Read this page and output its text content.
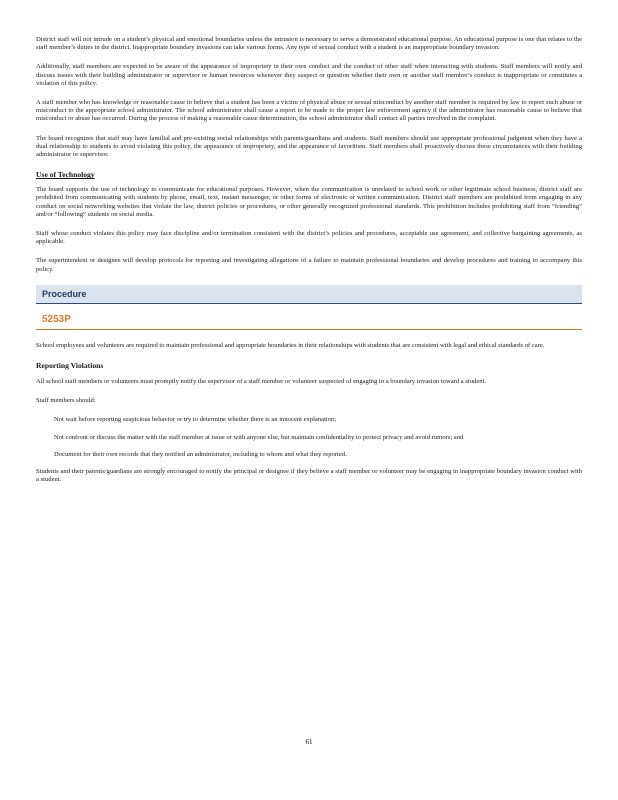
District staff will not intrude on a student’s physical and emotional boundaries unless the intrusion is necessary to serve a demonstrated educational purpose. An educational purpose is one that relates to the staff member’s duties in the district. Inappropriate boundary invasions can take various forms. Any type of sexual conduct with a student is an inappropriate boundary invasion.

Additionally, staff members are expected to be aware of the appearance of impropriety in their own conduct and the conduct of other staff when interacting with students. Staff members will notify and discuss issues with their building administrator or supervisor or human resources whenever they suspect or question whether their own or another staff member’s conduct is inappropriate or constitutes a violation of this policy.

A staff member who has knowledge or reasonable cause to believe that a student has been a victim of physical abuse or sexual misconduct by another staff member is required by law to report such abuse or misconduct to the appropriate school administrator. The school administrator shall cause a report to be made to the proper law enforcement agency if the administrator has reasonable cause to believe that misconduct or abuse has occurred. During the process of making a reasonable cause determination, the school administrator shall contact all parties involved in the complaint.

The board recognizes that staff may have familial and pre-existing social relationships with parents/guardians and students. Staff members should use appropriate professional judgment when they have a dual relationship to students to avoid violating this policy, the appearance of impropriety, and the appearance of favoritism. Staff members shall proactively discuss these circumstances with their building administrator or supervisor.

Use of Technology

The board supports the use of technology to communicate for educational purposes. However, when the communication is unrelated to school work or other legitimate school business, district staff are prohibited from communicating with students by phone, email, text, instant messenger, or other forms of electronic or written communication. District staff members are prohibited from engaging in any conduct on social networking websites that violate the law, district policies or procedures, or other generally recognized professional standards. This prohibition includes prohibiting staff from “friending” and/or “following” students on social media.

Staff whose conduct violates this policy may face discipline and/or termination consistent with the district’s policies and procedures, acceptable use agreement, and collective bargaining agreements, as applicable.

The superintendent or designee will develop protocols for reporting and investigating allegations of a failure to maintain professional boundaries and develop procedures and training to accompany this policy.

Procedure
5253P

School employees and volunteers are required to maintain professional and appropriate boundaries in their relationships with students that are consistent with legal and ethical standards of care.

Reporting Violations

All school staff members or volunteers must promptly notify the supervisor of a staff member or volunteer suspected of engaging in a boundary invasion toward a student.

Staff members should:

Not wait before reporting suspicious behavior or try to determine whether there is an innocent explanation;
Not confront or discuss the matter with the staff member at issue or with anyone else, but maintain confidentiality to protect privacy and avoid rumors; and
Document for their own records that they notified an administrator, including to whom and what they reported.

Students and their parents/guardians are strongly encouraged to notify the principal or designee if they believe a staff member or volunteer may be engaging in inappropriate boundary invasion conduct with a student.

61
